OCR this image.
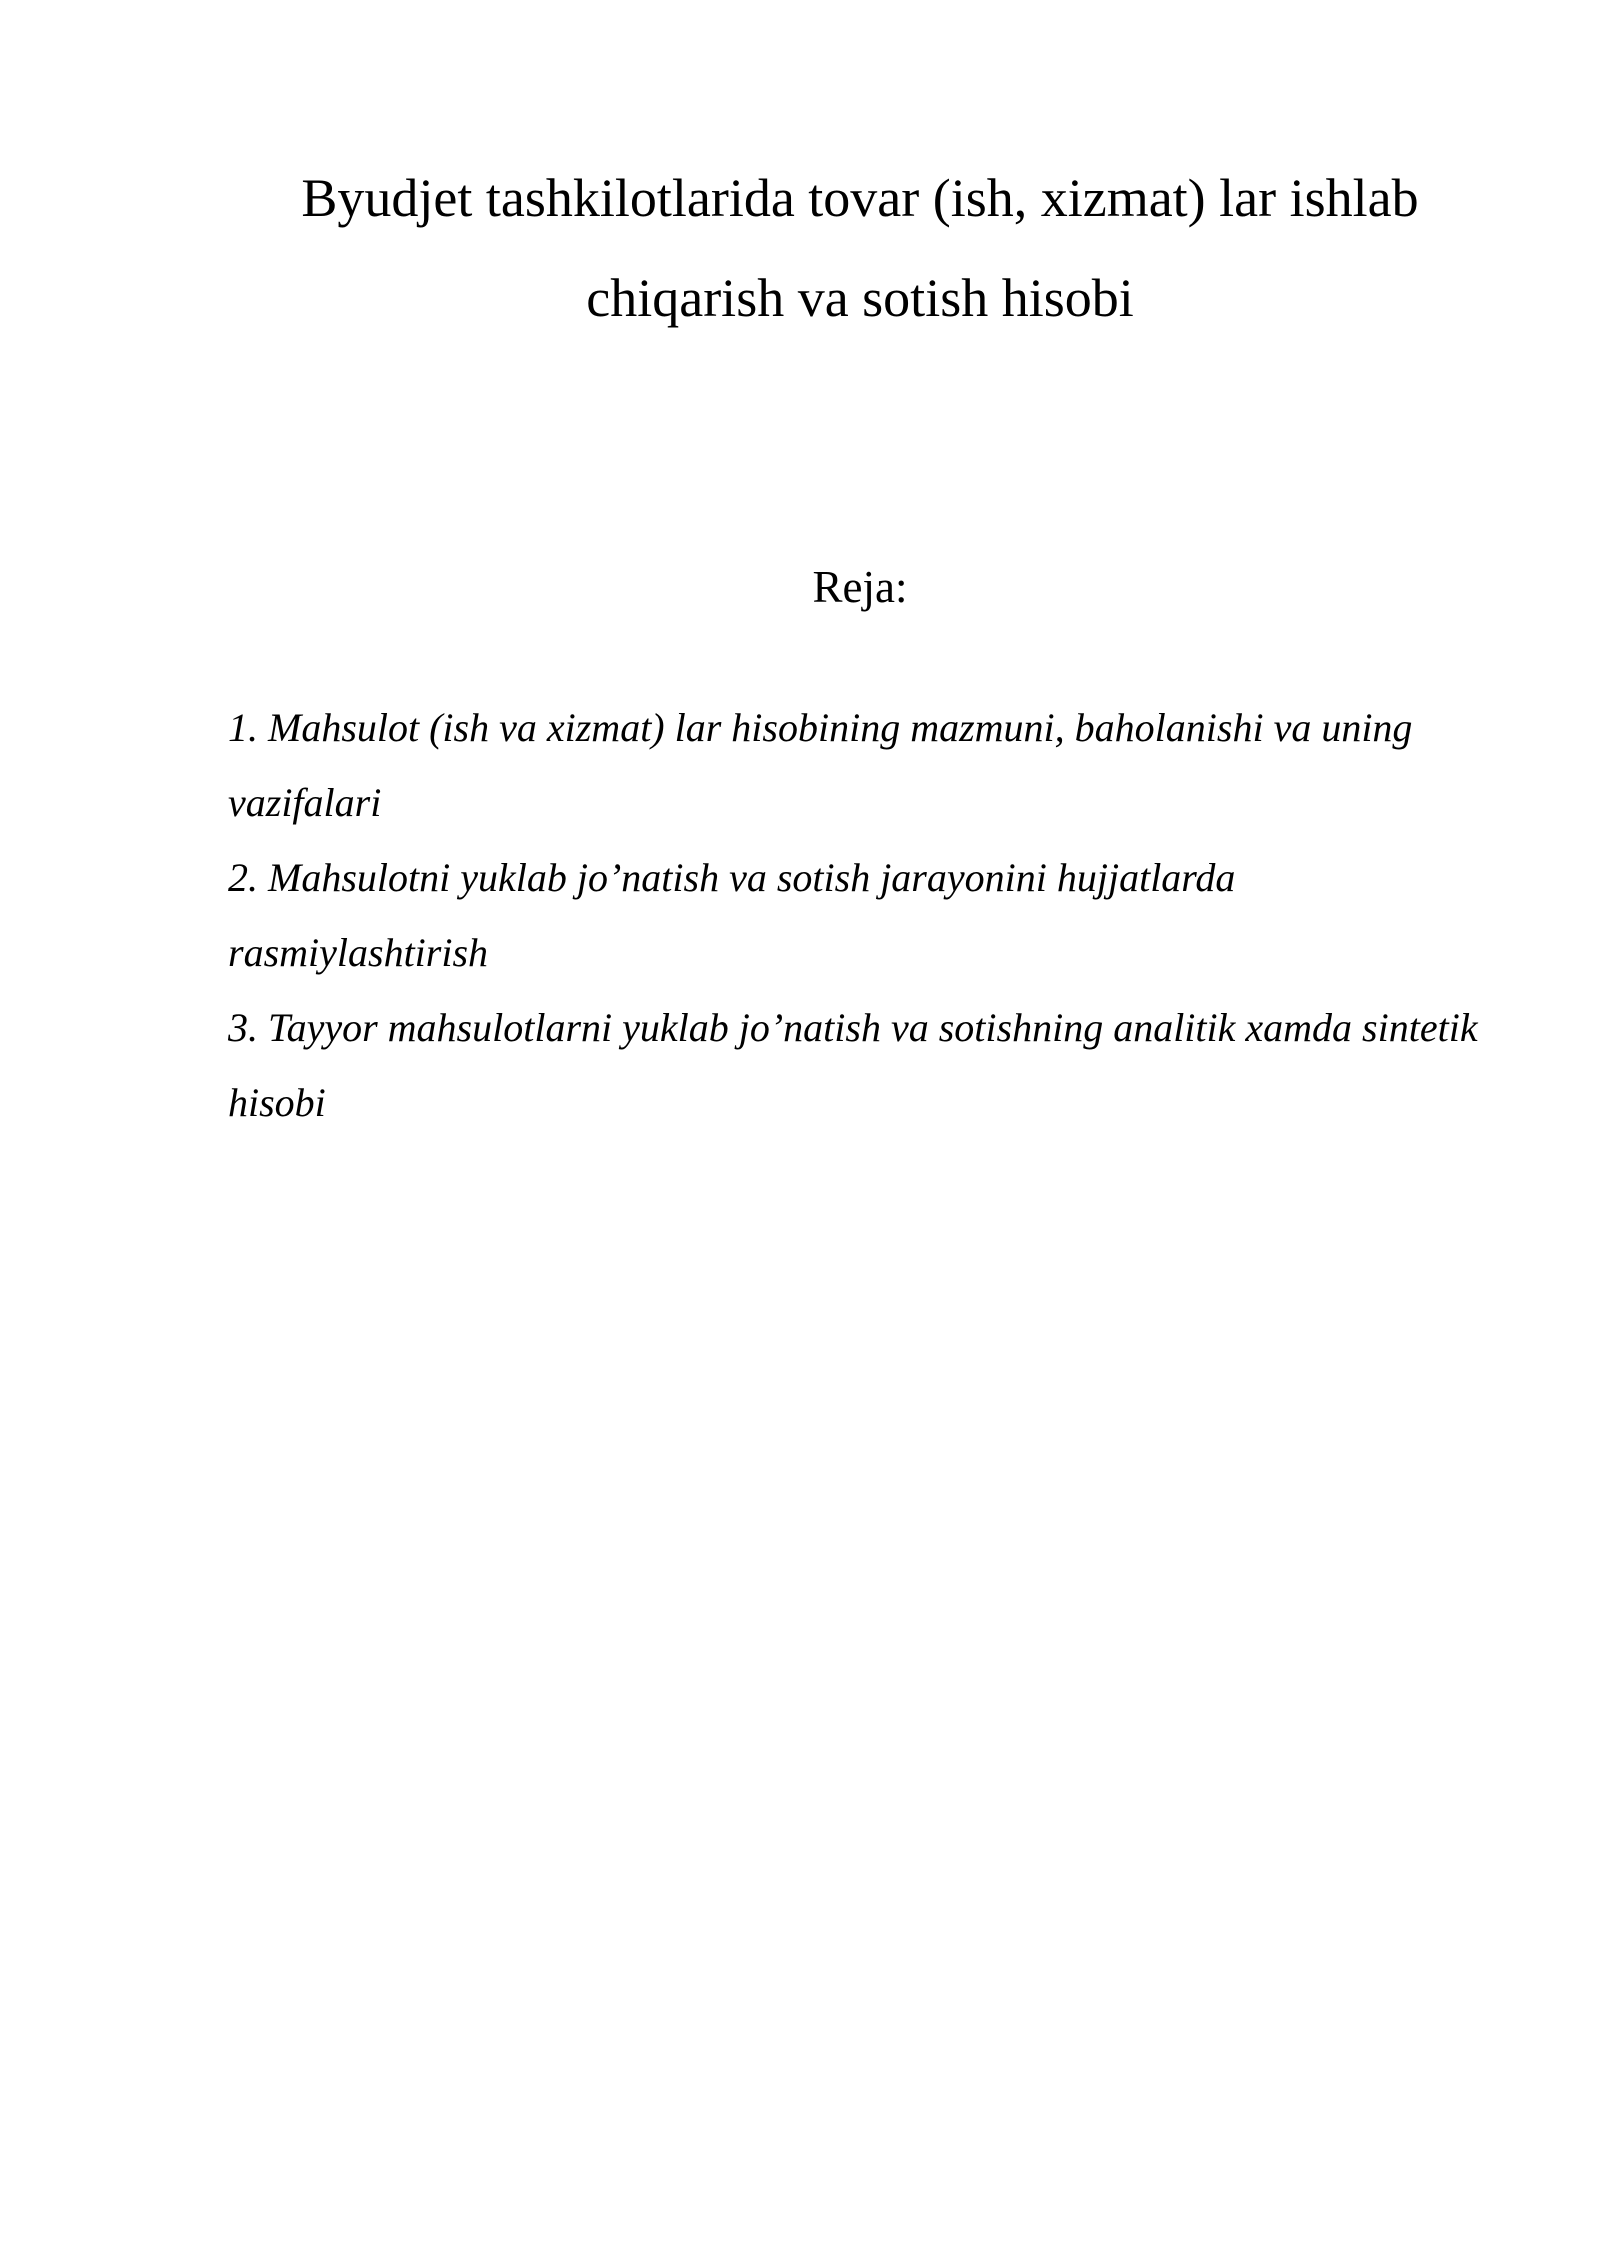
Byudjet tashkilotlarida tovar (ish, xizmat) lar ishlab
chiqarish va sotish hisobi
Reja:
1. Mahsulot (ish va xizmat) lar hisobining mazmuni, baholanishi va uning vazifalari
2. Mahsulotni yuklab jo’natish va sotish jarayonini hujjatlarda rasmiylashtirish
3. Tayyor mahsulotlarni yuklab jo’natish va sotishning analitik xamda sintetik hisobi
